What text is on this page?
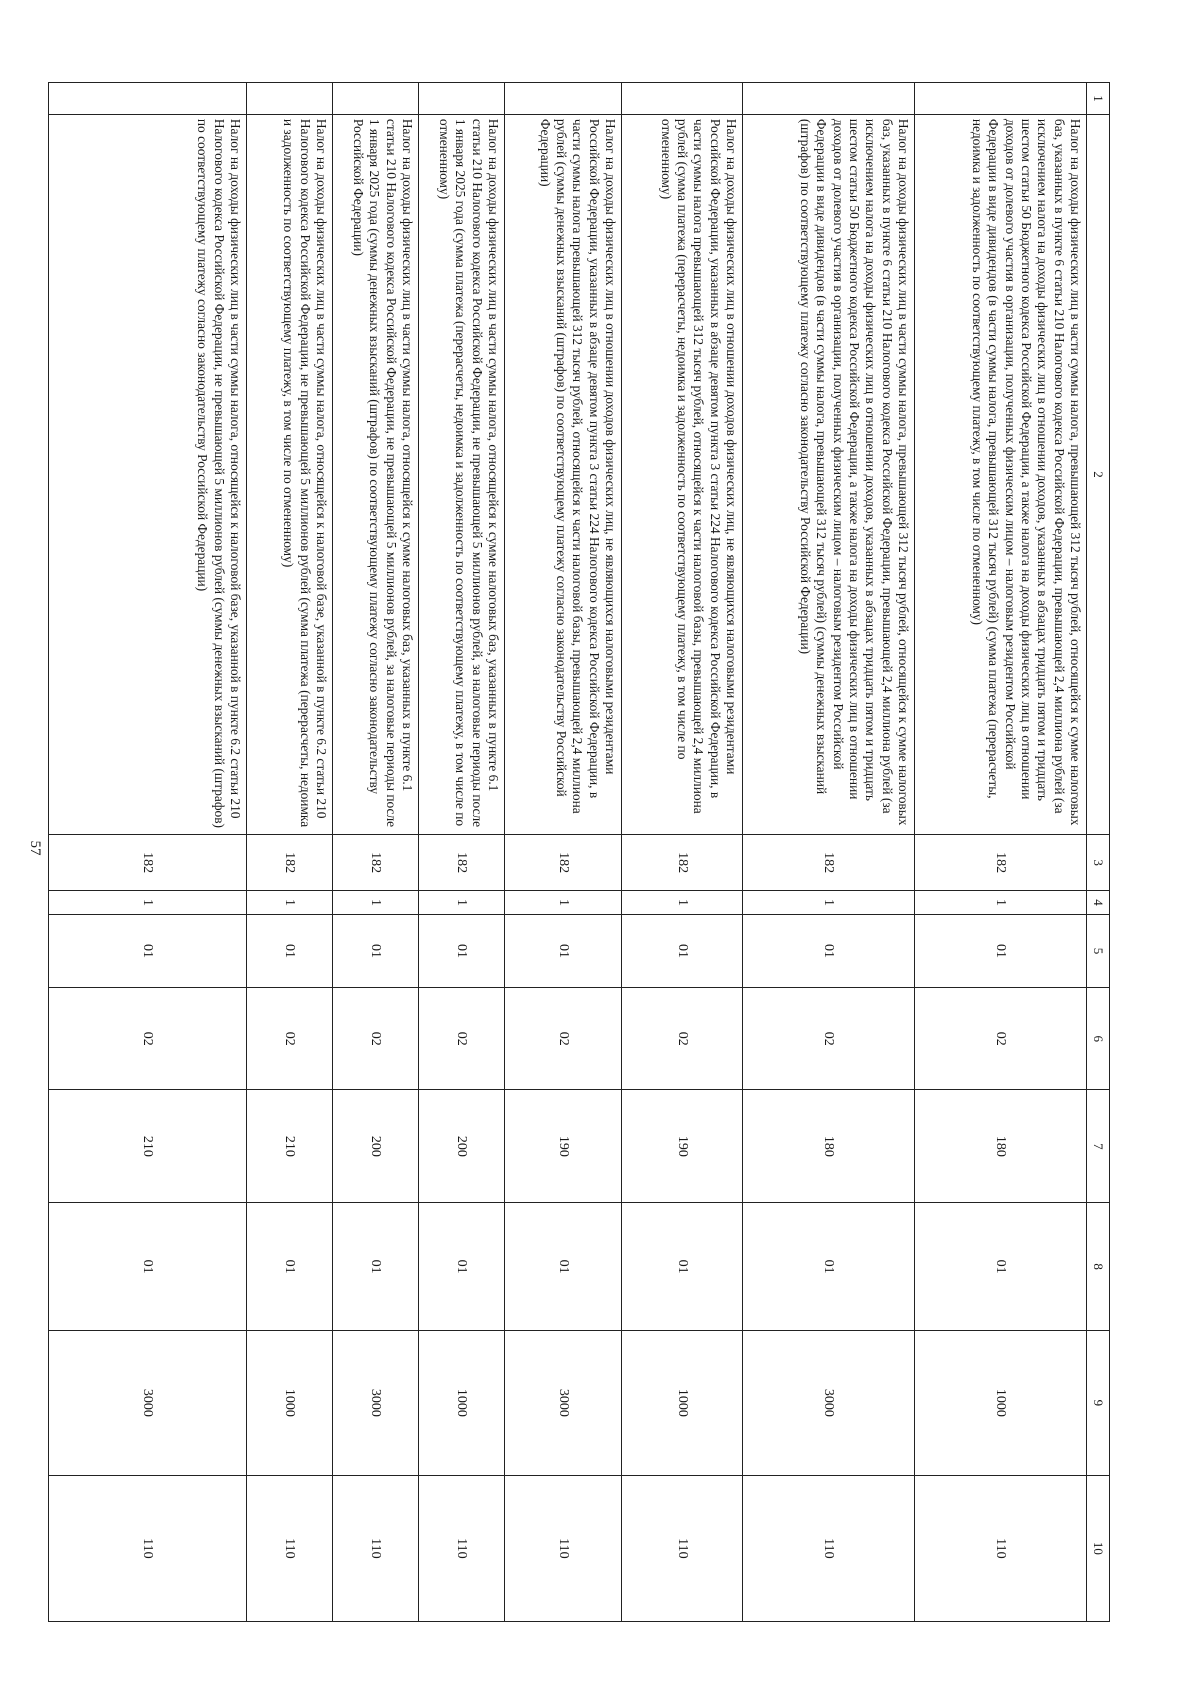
57
1	2	3	4	5	6	7	8	9	10
	Налог на доходы физических лиц в части суммы налога, превышающей 312 тысяч рублей, относящейся к сумме налоговых баз, указанных в пункте 6 статьи 210 Налогового кодекса Российской Федерации, превышающей 2,4 миллиона рублей (за исключением налога на доходы физических лиц в отношении доходов, указанных в абзацах тридцать пятом и тридцать шестом статьи 50 Бюджетного кодекса Российской Федерации, а также налога на доходы физических лиц в отношении доходов от долевого участия в организации, полученных физическим лицом – налоговым резидентом Российской Федерации в виде дивидендов (в части суммы налога, превышающей 312 тысяч рублей) (сумма платежа (перерасчеты, недоимка и задолженность по соответствующему платежу, в том числе по отмененному)	182	1	01	02	180	01	1000	110
	Налог на доходы физических лиц в части суммы налога, превышающей 312 тысяч рублей, относящейся к сумме налоговых баз, указанных в пункте 6 статьи 210 Налогового кодекса Российской Федерации, превышающей 2,4 миллиона рублей (за исключением налога на доходы физических лиц в отношении доходов, указанных в абзацах тридцать пятом и тридцать шестом статьи 50 Бюджетного кодекса Российской Федерации, а также налога на доходы физических лиц в отношении доходов от долевого участия в организации, полученных физическим лицом – налоговым резидентом Российской Федерации в виде дивидендов (в части суммы налога, превышающей 312 тысяч рублей) (суммы денежных взысканий (штрафов) по соответствующему платежу согласно законодательству Российской Федерации)	182	1	01	02	180	01	3000	110
	Налог на доходы физических лиц в отношении доходов физических лиц, не являющихся налоговыми резидентами Российской Федерации, указанных в абзаце девятом пункта 3 статьи 224 Налогового кодекса Российской Федерации, в части суммы налога превышающей 312 тысяч рублей, относящейся к части налоговой базы, превышающей 2,4 миллиона рублей (сумма платежа (перерасчеты, недоимка и задолженность по соответствующему платежу, в том числе по отмененному)	182	1	01	02	190	01	1000	110
	Налог на доходы физических лиц в отношении доходов физических лиц, не являющихся налоговыми резидентами Российской Федерации, указанных в абзаце девятом пункта 3 статьи 224 Налогового кодекса Российской Федерации, в части суммы налога превышающей 312 тысяч рублей, относящейся к части налоговой базы, превышающей 2,4 миллиона рублей (суммы денежных взысканий (штрафов) по соответствующему платежу согласно законодательству Российской Федерации)	182	1	01	02	190	01	3000	110
	Налог на доходы физических лиц в части суммы налога, относящейся к сумме налоговых баз, указанных в пункте 6.1 статьи 210 Налогового кодекса Российской Федерации, не превышающей 5 миллионов рублей, за налоговые периоды после 1 января 2025 года (сумма платежа (перерасчеты, недоимка и задолженность по соответствующему платежу, в том числе по отмененному)	182	1	01	02	200	01	1000	110
	Налог на доходы физических лиц в части суммы налога, относящейся к сумме налоговых баз, указанных в пункте 6.1 статьи 210 Налогового кодекса Российской Федерации, не превышающей 5 миллионов рублей, за налоговые периоды после 1 января 2025 года (суммы денежных взысканий (штрафов) по соответствующему платежу согласно законодательству Российской Федерации)	182	1	01	02	200	01	3000	110
	Налог на доходы физических лиц в части суммы налога, относящейся к налоговой базе, указанной в пункте 6.2 статьи 210 Налогового кодекса Российской Федерации, не превышающей 5 миллионов рублей (сумма платежа (перерасчеты, недоимка и задолженность по соответствующему платежу, в том числе по отмененному)	182	1	01	02	210	01	1000	110
	Налог на доходы физических лиц в части суммы налога, относящейся к налоговой базе, указанной в пункте 6.2 статьи 210 Налогового кодекса Российской Федерации, не превышающей 5 миллионов рублей (суммы денежных взысканий (штрафов) по соответствующему платежу согласно законодательству Российской Федерации)	182	1	01	02	210	01	3000	110
